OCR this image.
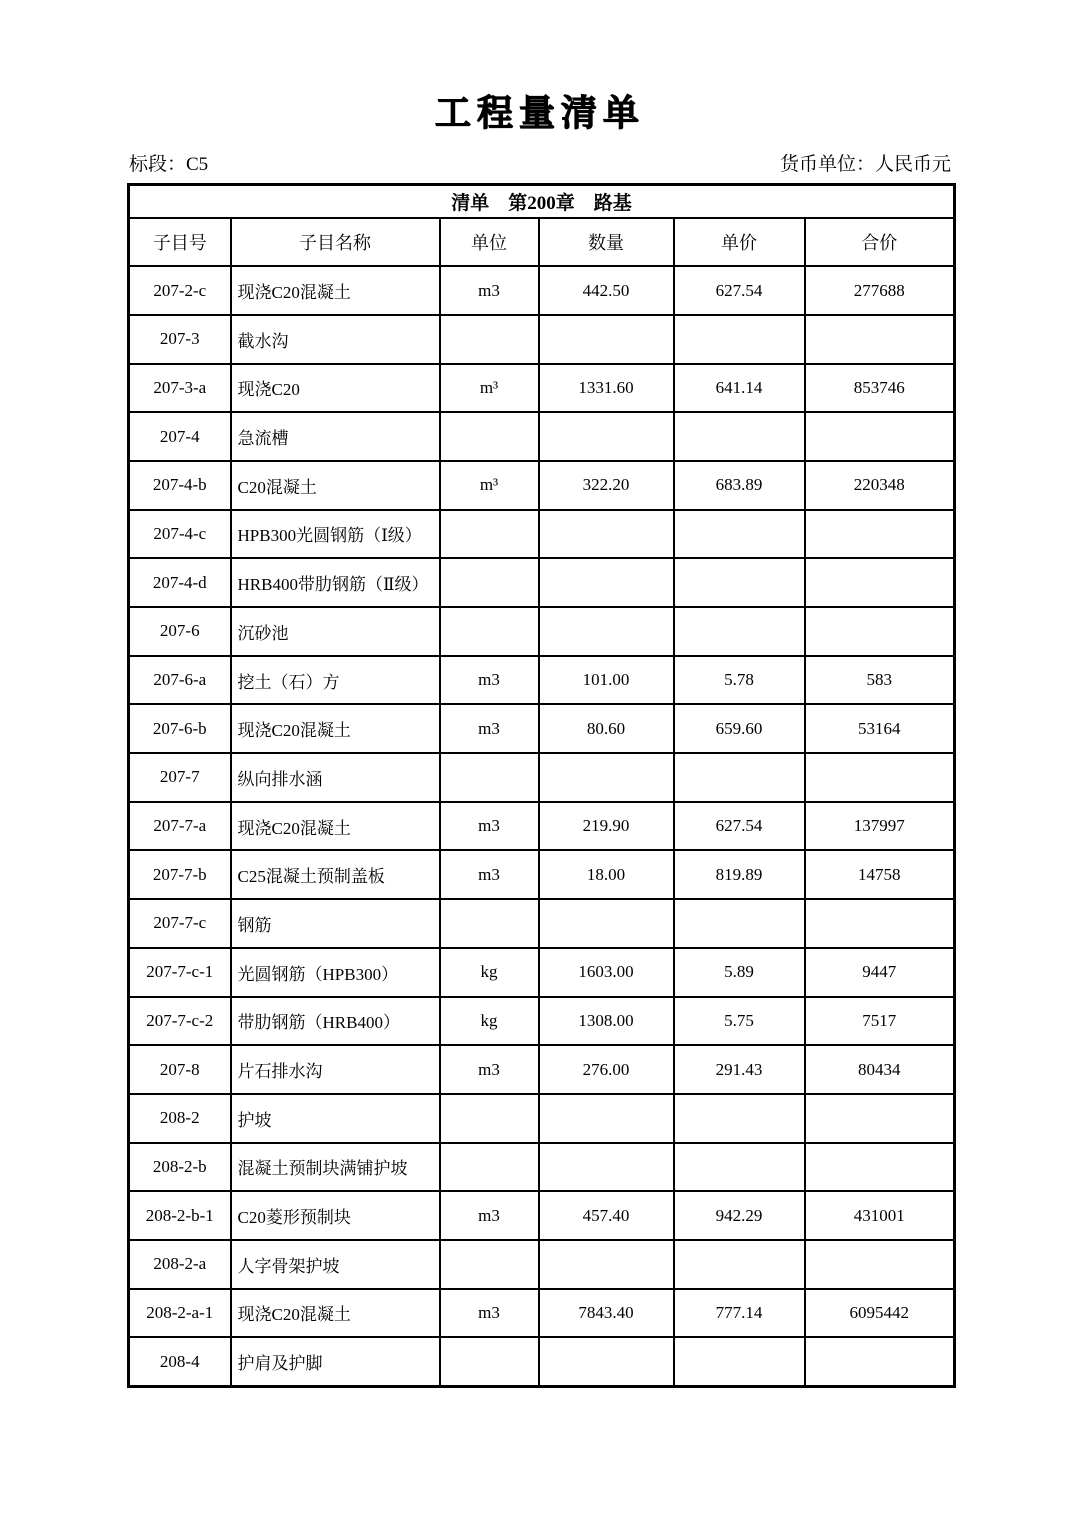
工程量清单
标段：C5	货币单位：人民币元
清单　第200章　路基					
子目号	子目名称	单位	数量	单价	合价
207-2-c	现浇C20混凝土	m3	442.50	627.54	277688
207-3	截水沟				
207-3-a	现浇C20	m³	1331.60	641.14	853746
207-4	急流槽				
207-4-b	C20混凝土	m³	322.20	683.89	220348
207-4-c	HPB300光圆钢筋（Ⅰ级）				
207-4-d	HRB400带肋钢筋（Ⅱ级）				
207-6	沉砂池				
207-6-a	挖土（石）方	m3	101.00	5.78	583
207-6-b	现浇C20混凝土	m3	80.60	659.60	53164
207-7	纵向排水涵				
207-7-a	现浇C20混凝土	m3	219.90	627.54	137997
207-7-b	C25混凝土预制盖板	m3	18.00	819.89	14758
207-7-c	钢筋				
207-7-c-1	光圆钢筋（HPB300）	kg	1603.00	5.89	9447
207-7-c-2	带肋钢筋（HRB400）	kg	1308.00	5.75	7517
207-8	片石排水沟	m3	276.00	291.43	80434
208-2	护坡				
208-2-b	混凝土预制块满铺护坡				
208-2-b-1	C20菱形预制块	m3	457.40	942.29	431001
208-2-a	人字骨架护坡				
208-2-a-1	现浇C20混凝土	m3	7843.40	777.14	6095442
208-4	护肩及护脚				
